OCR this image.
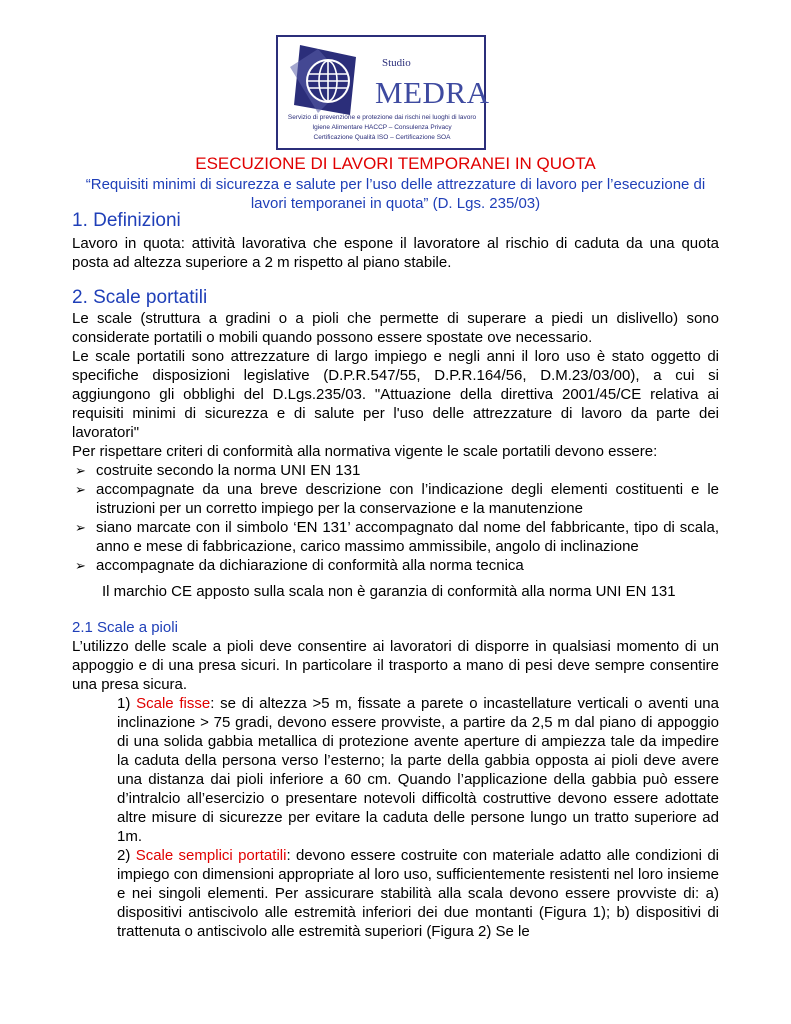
Studio
MEDRA
Servizio di prevenzione e protezione dai rischi nei luoghi di lavoro
Igiene Alimentare HACCP – Consulenza Privacy
Certificazione Qualità ISO – Certificazione SOA
ESECUZIONE DI LAVORI TEMPORANEI IN QUOTA
“Requisiti minimi di sicurezza e salute per l’uso delle attrezzature di lavoro per l’esecuzione di lavori temporanei in quota” (D. Lgs. 235/03)
1. Definizioni
Lavoro in quota: attività lavorativa che espone il lavoratore al rischio di caduta da una quota posta ad altezza superiore a 2 m rispetto al piano stabile.
2. Scale portatili
Le scale (struttura a gradini o a pioli che permette di superare a piedi un dislivello) sono considerate portatili o mobili quando possono essere spostate ove necessario.
Le scale portatili sono attrezzature di largo impiego e negli anni il loro uso è stato oggetto di specifiche disposizioni legislative (D.P.R.547/55, D.P.R.164/56, D.M.23/03/00), a cui si aggiungono gli obblighi del D.Lgs.235/03. "Attuazione della direttiva 2001/45/CE relativa ai requisiti minimi di sicurezza e di salute per l'uso delle attrezzature di lavoro da parte dei lavoratori"
Per rispettare criteri di conformità alla normativa vigente le scale portatili devono essere:
➢ costruite secondo la norma UNI EN 131
➢ accompagnate da una breve descrizione con l’indicazione degli elementi costituenti e le istruzioni per un corretto impiego per la conservazione e la manutenzione
➢ siano marcate con il simbolo ‘EN 131’ accompagnato dal nome del fabbricante, tipo di scala, anno e mese di fabbricazione, carico massimo ammissibile, angolo di inclinazione
➢ accompagnate da dichiarazione di conformità alla norma tecnica
Il marchio CE apposto sulla scala non è garanzia di conformità alla norma UNI EN 131
2.1 Scale a pioli
L’utilizzo delle scale a pioli deve consentire ai lavoratori di disporre in qualsiasi momento di un appoggio e di una presa sicuri. In particolare il trasporto a mano di pesi deve sempre consentire una presa sicura.
1) Scale fisse: se di altezza >5 m, fissate a parete o incastellature verticali o aventi una inclinazione > 75 gradi, devono essere provviste, a partire da 2,5 m dal piano di appoggio di una solida gabbia metallica di protezione avente aperture di ampiezza tale da impedire la caduta della persona verso l’esterno; la parte della gabbia opposta ai pioli deve avere una distanza dai pioli inferiore a 60 cm. Quando l’applicazione della gabbia può essere d’intralcio all’esercizio o presentare notevoli difficoltà costruttive devono essere adottate altre misure di sicurezze per evitare la caduta delle persone lungo un tratto superiore ad 1m.
2) Scale semplici portatili: devono essere costruite con materiale adatto alle condizioni di impiego con dimensioni appropriate al loro uso, sufficientemente resistenti nel loro insieme e nei singoli elementi. Per assicurare stabilità alla scala devono essere provviste di: a) dispositivi antiscivolo alle estremità inferiori dei due montanti (Figura 1); b) dispositivi di trattenuta o antiscivolo alle estremità superiori (Figura 2) Se le
